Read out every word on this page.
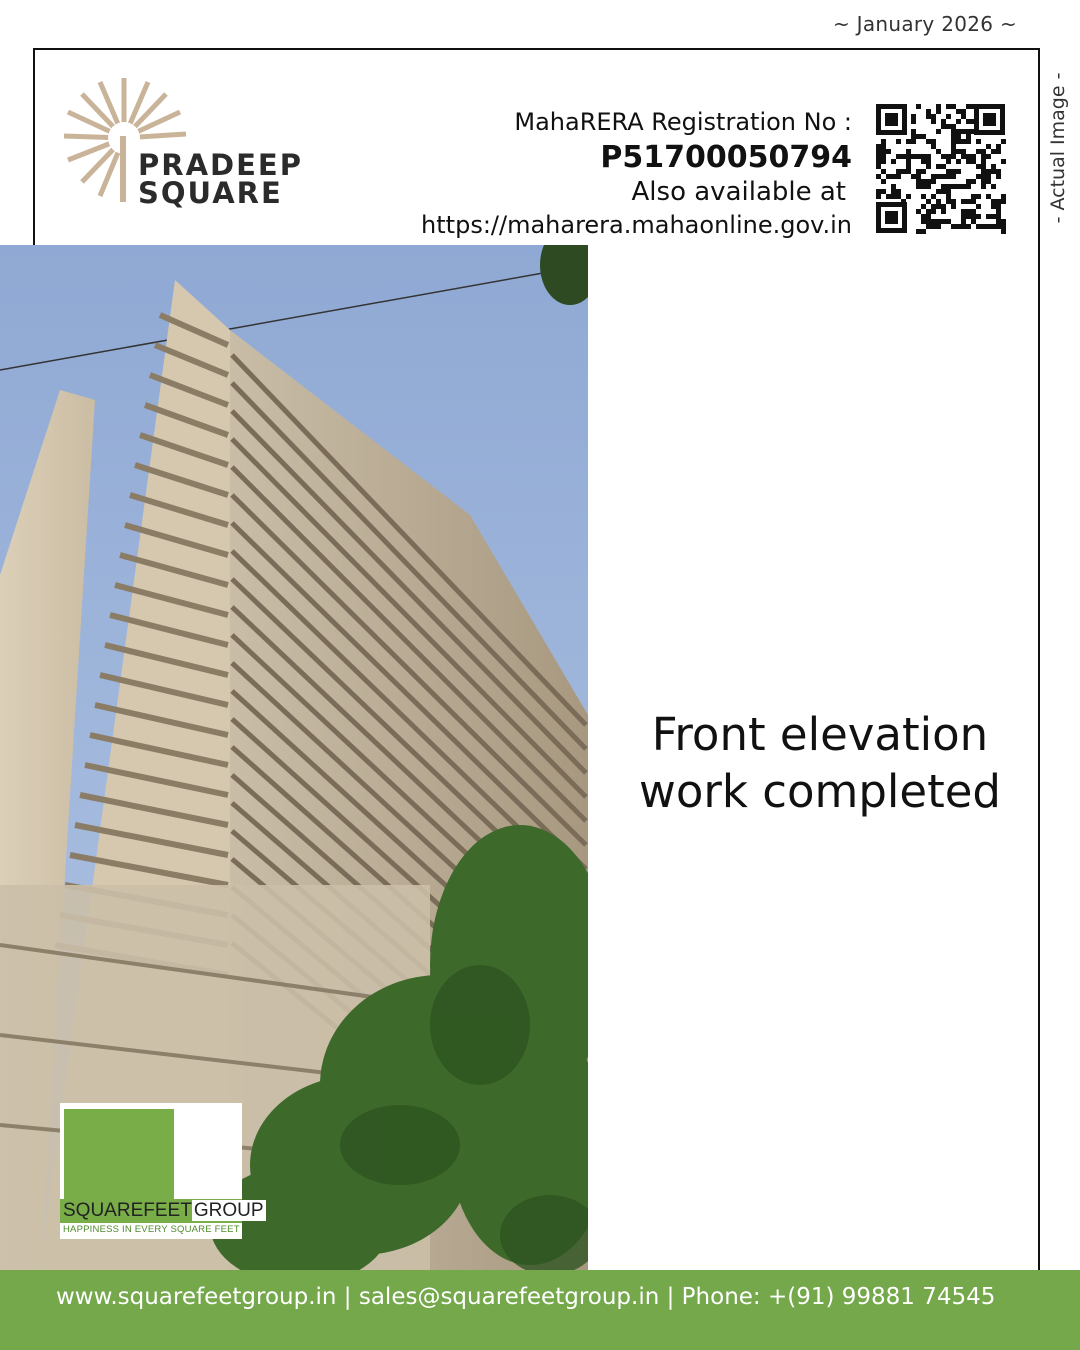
~ January 2026 ~
- Actual Image -
PRADEEP
SQUARE
MahaRERA Registration No :
P51700050794
Also available at
https://maharera.mahaonline.gov.in
SQUAREFEET GROUP
HAPPINESS IN EVERY SQUARE FEET
Front elevation
work completed
www.squarefeetgroup.in | sales@squarefeetgroup.in | Phone: +(91) 99881 74545
